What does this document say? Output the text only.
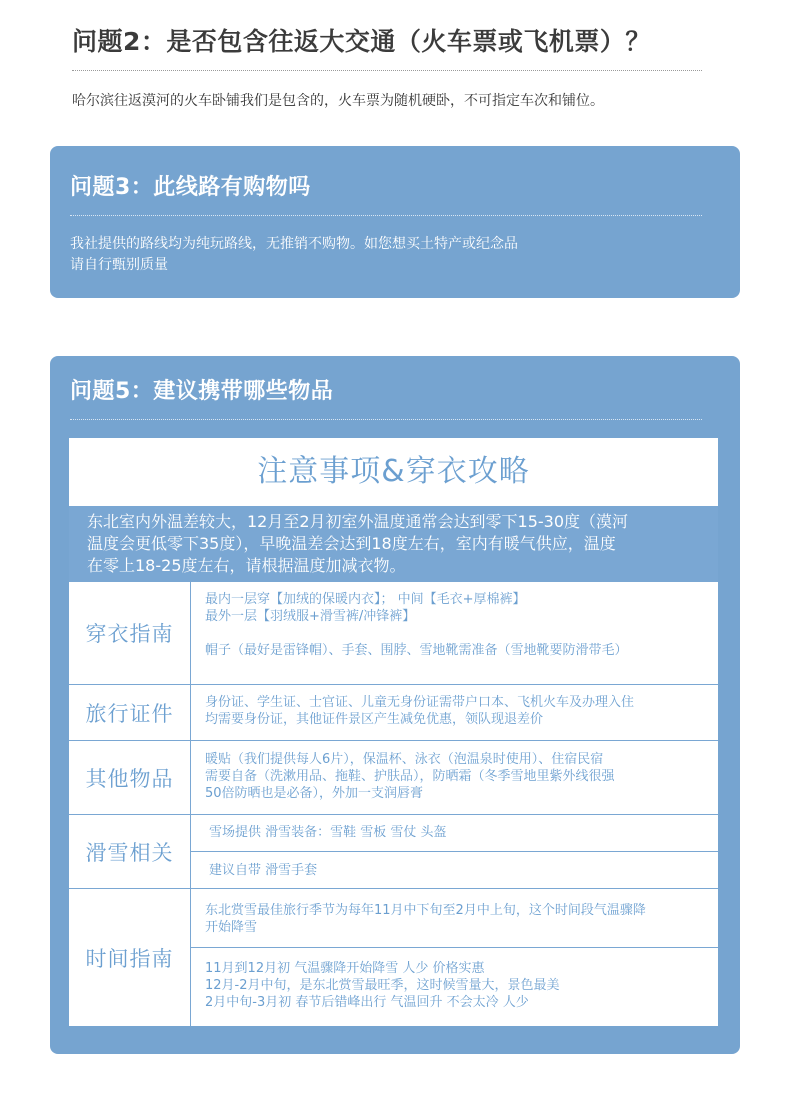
问题2：是否包含往返大交通（火车票或飞机票）？
哈尔滨往返漠河的火车卧铺我们是包含的，火车票为随机硬卧，不可指定车次和铺位。
问题3：此线路有购物吗
我社提供的路线均为纯玩路线，无推销不购物。如您想买土特产或纪念品
请自行甄别质量
问题5：建议携带哪些物品
注意事项&穿衣攻略
东北室内外温差较大，12月至2月初室外温度通常会达到零下15-30度（漠河
温度会更低零下35度），早晚温差会达到18度左右，室内有暖气供应，温度
在零上18-25度左右，请根据温度加减衣物。
穿衣指南
最内一层穿【加绒的保暖内衣】； 中间【毛衣+厚棉裤】
最外一层【羽绒服+滑雪裤/冲锋裤】
帽子（最好是雷锋帽）、手套、围脖、雪地靴需准备（雪地靴要防滑带毛）
旅行证件	身份证、学生证、士官证、儿童无身份证需带户口本、飞机火车及办理入住
均需要身份证，其他证件景区产生减免优惠，领队现退差价
其他物品
暖贴（我们提供每人6片），保温杯、泳衣（泡温泉时使用）、住宿民宿
需要自备（洗漱用品、拖鞋、护肤品），防晒霜（冬季雪地里紫外线很强
50倍防晒也是必备），外加一支润唇膏
滑雪相关
雪场提供 滑雪装备：雪鞋 雪板 雪仗 头盔
建议自带 滑雪手套
时间指南
东北赏雪最佳旅行季节为每年11月中下旬至2月中上旬，这个时间段气温骤降
开始降雪
11月到12月初 气温骤降开始降雪 人少 价格实惠
12月-2月中旬，是东北赏雪最旺季，这时候雪量大，景色最美
2月中旬-3月初 春节后错峰出行 气温回升 不会太冷 人少
